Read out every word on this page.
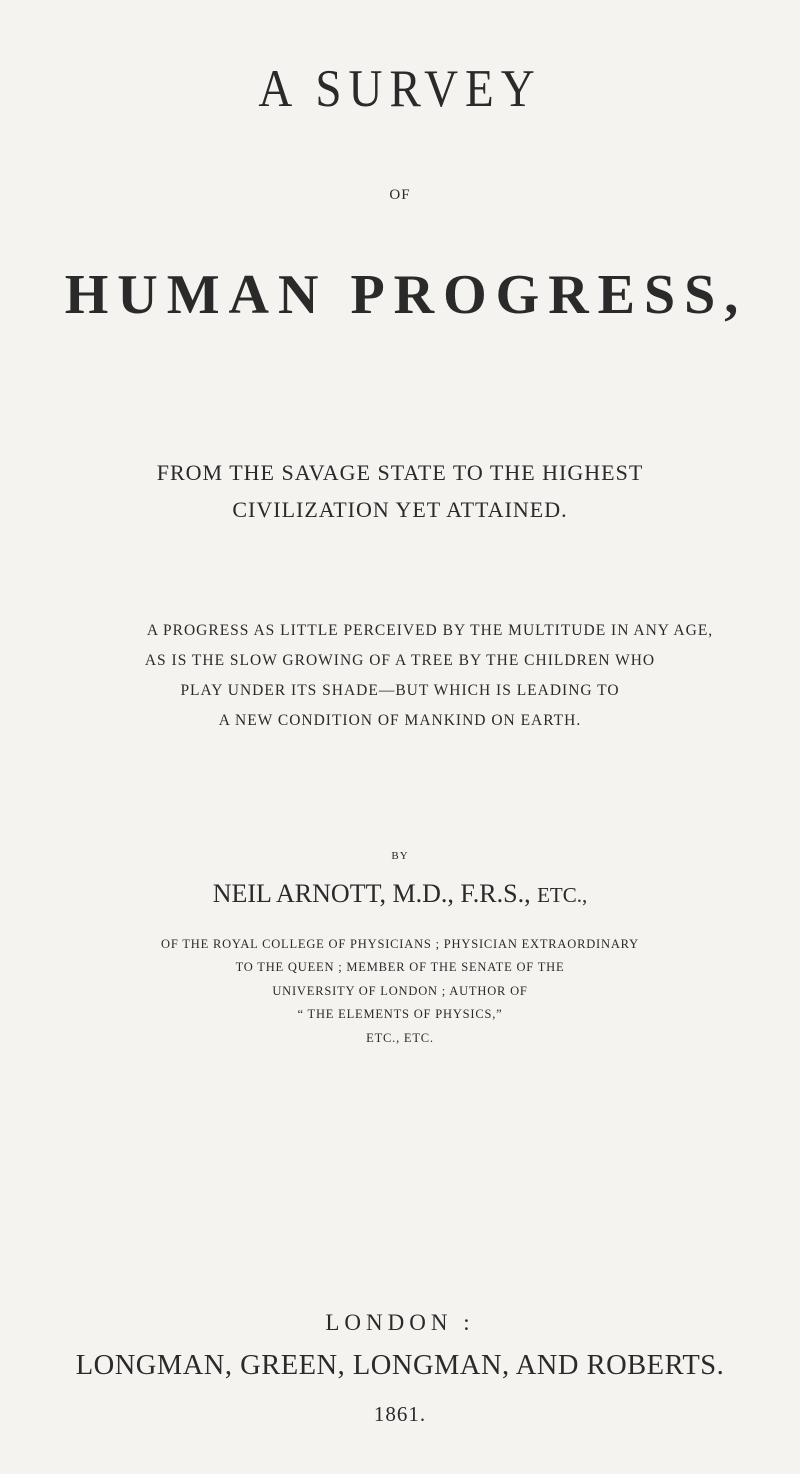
A SURVEY
OF
HUMAN PROGRESS,
FROM THE SAVAGE STATE TO THE HIGHEST
CIVILIZATION YET ATTAINED.
A PROGRESS AS LITTLE PERCEIVED BY THE MULTITUDE IN ANY AGE,
AS IS THE SLOW GROWING OF A TREE BY THE CHILDREN WHO
PLAY UNDER ITS SHADE—BUT WHICH IS LEADING TO
A NEW CONDITION OF MANKIND ON EARTH.
BY
NEIL ARNOTT, M.D., F.R.S., ETC.,
OF THE ROYAL COLLEGE OF PHYSICIANS ; PHYSICIAN EXTRAORDINARY
TO THE QUEEN ; MEMBER OF THE SENATE OF THE
UNIVERSITY OF LONDON ; AUTHOR OF
“ THE ELEMENTS OF PHYSICS,”
ETC., ETC.
LONDON :
LONGMAN, GREEN, LONGMAN, AND ROBERTS.
1861.
